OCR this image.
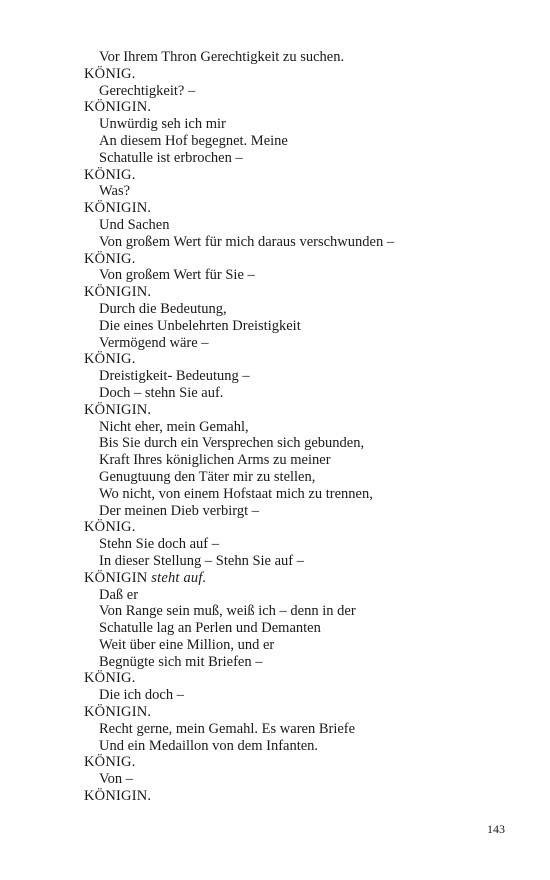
Vor Ihrem Thron Gerechtigkeit zu suchen.
KÖNIG.
Gerechtigkeit? –
KÖNIGIN.
Unwürdig seh ich mir
An diesem Hof begegnet. Meine
Schatulle ist erbrochen –
KÖNIG.
Was?
KÖNIGIN.
Und Sachen
Von großem Wert für mich daraus verschwunden –
KÖNIG.
Von großem Wert für Sie –
KÖNIGIN.
Durch die Bedeutung,
Die eines Unbelehrten Dreistigkeit
Vermögend wäre –
KÖNIG.
Dreistigkeit- Bedeutung –
Doch – stehn Sie auf.
KÖNIGIN.
Nicht eher, mein Gemahl,
Bis Sie durch ein Versprechen sich gebunden,
Kraft Ihres königlichen Arms zu meiner
Genugtuung den Täter mir zu stellen,
Wo nicht, von einem Hofstaat mich zu trennen,
Der meinen Dieb verbirgt –
KÖNIG.
Stehn Sie doch auf –
In dieser Stellung – Stehn Sie auf –
KÖNIGIN steht auf.
Daß er
Von Range sein muß, weiß ich – denn in der
Schatulle lag an Perlen und Demanten
Weit über eine Million, und er
Begnügte sich mit Briefen –
KÖNIG.
Die ich doch –
KÖNIGIN.
Recht gerne, mein Gemahl. Es waren Briefe
Und ein Medaillon von dem Infanten.
KÖNIG.
Von –
KÖNIGIN.
143
